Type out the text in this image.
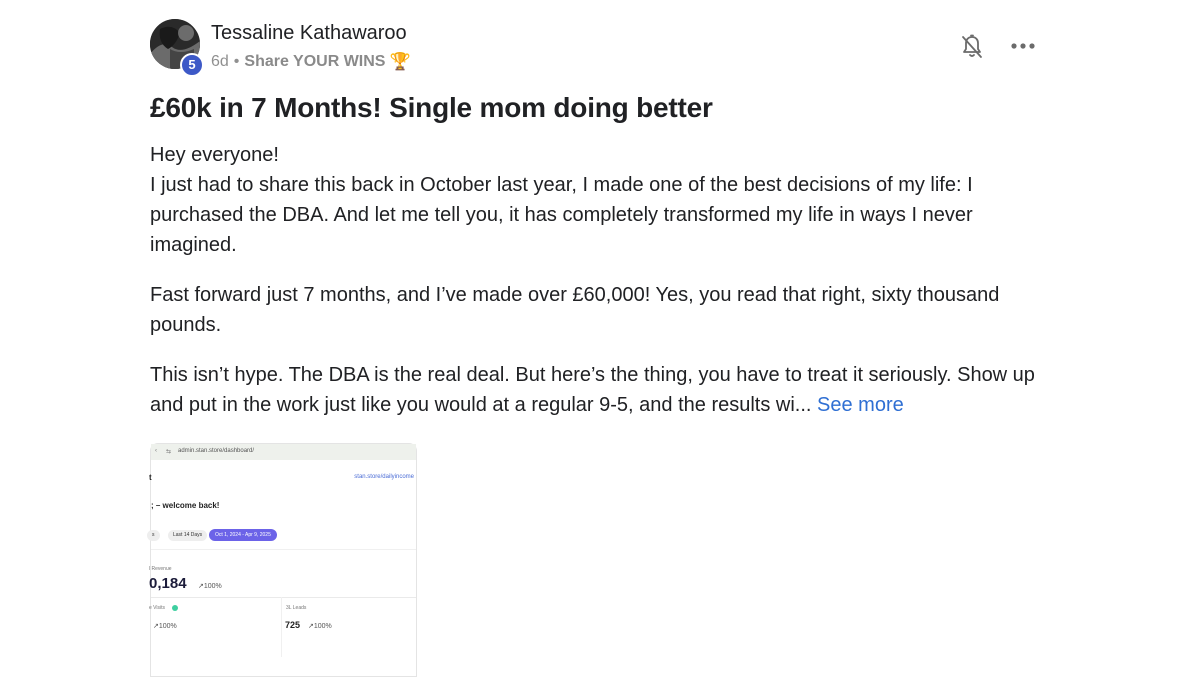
5
Tessaline Kathawaroo
6d • Share YOUR WINS 🏆
£60k in 7 Months! Single mom doing better

Hey everyone!
I just had to share this back in October last year, I made one of the best decisions of my life: I purchased the DBA. And let me tell you, it has completely transformed my life in ways I never imagined.

Fast forward just 7 months, and I’ve made over £60,000! Yes, you read that right, sixty thousand pounds.

This isn’t hype. The DBA is the real deal. But here’s the thing, you have to treat it seriously. Show up and put in the work just like you would at a regular 9-5, and the results wi... See more

‹ ⇆ admin.stan.store/dashboard/
t	stan.store/dailyincome
; – welcome back!
s	Last 14 Days	Oct 1, 2024 - Apr 9, 2025
l Revenue
0,184 ↗100%
e Visits
↗100%
3L Leads
725 ↗100%
